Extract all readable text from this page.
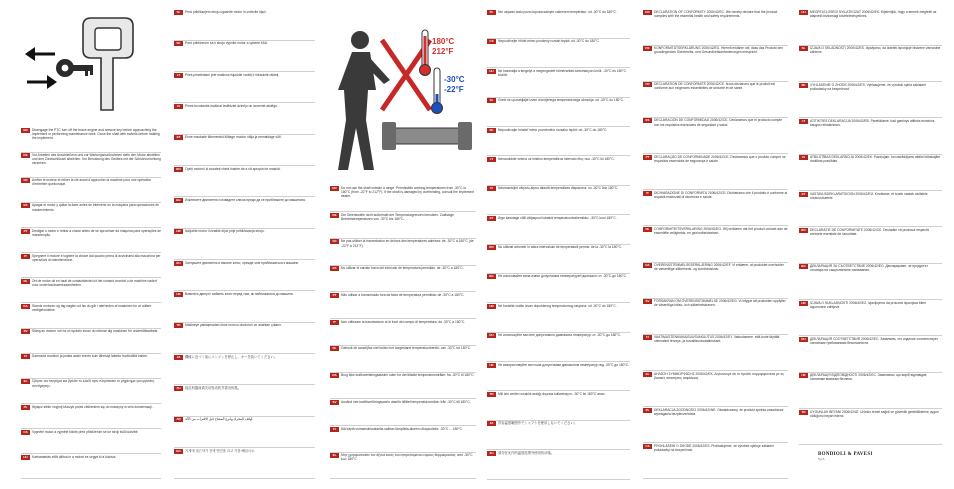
180°C
212°F
-30°C
-22°F
EN	Disengage the PTC turn off the brace engine and remove key before approaching the implement or performing maintenance work. Close the shaft with swivels before rotating the implement.
DE	Vor Arbeiten des Anschließens und zur Wartungsmaßnahmen stets den Motor abstellen und den Zündschlüssel abziehen. Vor Benutzung des Gerätes mit der Schutzvorrichtung versehen.
FR	Arrêter le moteur et retirer la clé avant d'approcher la machine pour une opération d'entretien quelconque.
ES	Apagar el motor y quitar la llave antes de intervenir en la máquina para operaciones de mantenimiento.
PT	Desligar o motor e retirar a chave antes de se aproximar da máquina para operações de manutenção.
IT	Spegnere il motore e togliere la chiave dal quadro prima di avvicinarsi alla macchina per operazioni di manutenzione.
NL	Zet de motor uit en haal de contactsleutel uit het contact voordat u de machine nadert voor onderhoudswerkzaamheden.
DA	Stands motoren og tag nøglen ud før du går i nærheden af maskinen for at udføre vedligeholdelse.
SV	Stäng av motorn och ta ut nyckeln innan du närmar dig maskinen för underhållsarbete.
FI	Sammuta moottori ja poista avain ennen kuin lähestyt laitetta huoltotöitä varten.
EL	Σβήστε τον κινητήρα και βγάλτε το κλειδί πριν πλησιάσετε το μηχάνημα για εργασίες συντήρησης.
PL	Wyłącz silnik i wyjmij kluczyk przed zbliżeniem się do maszyny w celu konserwacji.
CS	Vypněte motor a vyjměte klíček před přiblížením se ke stroji kvůli údržbě.
HU	Karbantartás előtt állítsa le a motort és vegye ki a kulcsot.
SL	Pred približanjem stroju ugasnite motor in izvlecite ključ.
SK	Pred priblížením sa k stroju vypnite motor a vyberte kľúč.
LT	Prieš priartėdami prie mašinos išjunkite variklį ir ištraukite raktelį.
LV	Pirms tuvošanās mašīnai izslēdziet dzinēju un izņemiet atslēgu.
ET	Enne masinale lähenemist lülitage mootor välja ja eemaldage võti.
RO	Opriți motorul și scoateți cheia înainte de a vă apropia de mașină.
BG	Изключете двигателя и извадете ключа преди да се приближите до машината.
HR	Isključite motor i izvadite ključ prije približavanja stroju.
RU	Заглушите двигатель и выньте ключ, прежде чем приближаться к машине.
UK	Вимкніть двигун і вийміть ключ перед тим, як наближатися до машини.
TR	Makineye yaklaşmadan önce motoru durdurun ve anahtarı çıkarın.
JA	機械に近づく前にエンジンを停止し、キーを抜いてください。
ZH	接近机器前请关闭发动机并拔出钥匙。
AR	أوقف المحرك وانزع المفتاح قبل الاقتراب من الآلة.
KO	기계에 접근하기 전에 엔진을 끄고 키를 빼십시오.
EN	Do not use the shaft outside a range. Permissible working temperatures from -30°C to 180°C (from -22°F to 212°F). If the shaft is damaged by overheating, consult the implement dealer.
DE	Die Gelenkwelle nicht außerhalb der Temperaturgrenzen benutzen. Zulässige Betriebstemperaturen von -30°C bis 180°C.
FR	Ne pas utiliser la transmission en dehors des températures admises: de -30°C à 180°C (de -22°F à 212°F).
ES	No utilizar el cardán fuera del intervalo de temperatura permitido: de -30°C a 180°C.
PT	Não utilizar a transmissão fora da faixa de temperatura permitida: de -30°C a 180°C.
IT	Non utilizzare la trasmissione al di fuori del campo di temperatura: da -30°C a 180°C.
NL	Gebruik de aandrijfas niet buiten het toegestane temperatuurbereik: van -30°C tot 180°C.
DA	Brug ikke kraftoverføringsakslen uden for det tilladte temperaturområde: fra -30°C til 180°C.
SV	Använd inte kraftöverföringsaxeln utanför tillåtet temperaturområde: från -30°C till 180°C.
FI	Älä käytä voimansiirtoakselia sallitun lämpötila-alueen ulkopuolella: -30°C ... 180°C.
EL	Μην χρησιμοποιείτε τον άξονα εκτός του επιτρεπόμενου εύρους θερμοκρασίας: από -30°C έως 180°C.
PL	Nie używać wału poza dopuszczalnym zakresem temperatur: od -30°C do 180°C.
CS	Nepoužívejte hřídel mimo povolený rozsah teplot: od -30°C do 180°C.
HU	Ne használja a tengelyt a megengedett hőmérséklet-tartományon kívül: -30°C és 180°C között.
SL	Gredi ne uporabljajte izven dovoljenega temperaturnega območja: od -30°C do 180°C.
SK	Nepoužívajte hriadeľ mimo povoleného rozsahu teplôt: od -30°C do 180°C.
LT	Nenaudokite veleno už leistino temperatūros intervalo ribų: nuo -30°C iki 180°C.
LV	Neizmantojiet vārpstu ārpus atļautā temperatūras diapazona: no -30°C līdz 180°C.
ET	Ärge kasutage võlli väljaspool lubatud temperatuurivahemikku: -30°C kuni 180°C.
RO	Nu utilizați arborele în afara intervalului de temperatură permis: de la -30°C la 180°C.
BG	Не използвайте вала извън допустимия температурен диапазон: от -30°C до 180°C.
HR	Ne koristite vratilo izvan dopuštenog temperaturnog raspona: od -30°C do 180°C.
RU	Не используйте вал вне допустимого диапазона температур: от -30°C до 180°C.
UK	Не використовуйте вал поза допустимим діапазоном температур: від -30°C до 180°C.
TR	Mili izin verilen sıcaklık aralığı dışında kullanmayın: -30°C ile 180°C arası.
JA	許容温度範囲外でシャフトを使用しないでください。
ZH	请勿在允许的温度范围外使用传动轴。
EN	DECLARATION OF CONFORMITY 2006/42/EC. We hereby declare that the product complies with the essential health and safety requirements.
DE	KONFORMITÄTSERKLÄRUNG 2006/42/EG. Hiermit erklären wir, dass das Produkt den grundlegenden Sicherheits- und Gesundheitsanforderungen entspricht.
FR	DÉCLARATION DE CONFORMITÉ 2006/42/CE. Nous déclarons que le produit est conforme aux exigences essentielles de sécurité et de santé.
ES	DECLARACIÓN DE CONFORMIDAD 2006/42/CE. Declaramos que el producto cumple con los requisitos esenciales de seguridad y salud.
PT	DECLARAÇÃO DE CONFORMIDADE 2006/42/CE. Declaramos que o produto cumpre os requisitos essenciais de segurança e saúde.
IT	DICHIARAZIONE DI CONFORMITÀ 2006/42/CE. Dichiariamo che il prodotto è conforme ai requisiti essenziali di sicurezza e salute.
NL	CONFORMITEITSVERKLARING 2006/42/EG. Wij verklaren dat het product voldoet aan de essentiële veiligheids- en gezondheidseisen.
DA	OVERENSSTEMMELSESERKLÆRING 2006/42/EF. Vi erklærer, at produktet overholder de væsentlige sikkerheds- og sundhedskrav.
SV	FÖRSÄKRAN OM ÖVERENSSTÄMMELSE 2006/42/EG. Vi intygar att produkten uppfyller de väsentliga hälso- och säkerhetskraven.
FI	VAATIMUSTENMUKAISUUSVAKUUTUS 2006/42/EY. Vakuutamme, että tuote täyttää olennaiset terveys- ja turvallisuusvaatimukset.
EL	ΔΗΛΩΣΗ ΣΥΜΜΟΡΦΩΣΗΣ 2006/42/ΕΚ. Δηλώνουμε ότι το προϊόν συμμορφώνεται με τις βασικές απαιτήσεις ασφάλειας.
PL	DEKLARACJA ZGODNOŚCI 2006/42/WE. Oświadczamy, że produkt spełnia zasadnicze wymagania bezpieczeństwa.
CS	PROHLÁŠENÍ O SHODĚ 2006/42/ES. Prohlašujeme, že výrobek splňuje základní požadavky na bezpečnost.
HU	MEGFELELŐSÉGI NYILATKOZAT 2006/42/EK. Kijelentjük, hogy a termék megfelel az alapvető biztonsági követelményeknek.
SL	IZJAVA O SKLADNOSTI 2006/42/ES. Izjavljamo, da izdelek izpolnjuje bistvene varnostne zahteve.
SK	VYHLÁSENIE O ZHODE 2006/42/ES. Vyhlasujeme, že výrobok spĺňa základné požiadavky na bezpečnosť.
LT	ATITIKTIES DEKLARACIJA 2006/42/EB. Pareiškiame, kad gaminys atitinka esminius saugos reikalavimus.
LV	ATBILSTĪBAS DEKLARĀCIJA 2006/42/EK. Paziņojam, ka izstrādājums atbilst būtiskajām drošības prasībām.
ET	VASTAVUSDEKLARATSIOON 2006/42/EÜ. Kinnitame, et toode vastab olulistele ohutusnõuetele.
RO	DECLARAȚIE DE CONFORMITATE 2006/42/CE. Declarăm că produsul respectă cerințele esențiale de securitate.
BG	ДЕКЛАРАЦИЯ ЗА СЪОТВЕТСТВИЕ 2006/42/ЕО. Декларираме, че продуктът отговаря на съществените изисквания.
HR	IZJAVA O SUKLADNOSTI 2006/42/EZ. Izjavljujemo da proizvod ispunjava bitne sigurnosne zahtjeve.
RU	ДЕКЛАРАЦИЯ СООТВЕТСТВИЯ 2006/42/ЕС. Заявляем, что изделие соответствует основным требованиям безопасности.
UK	ДЕКЛАРАЦІЯ ВІДПОВІДНОСТІ 2006/42/ЄС. Заявляємо, що виріб відповідає основним вимогам безпеки.
TR	UYGUNLUK BEYANI 2006/42/AT. Ürünün temel sağlık ve güvenlik gerekliliklerine uygun olduğunu beyan ederiz.
BONDIOLI & PAVESI
S.p.A.
